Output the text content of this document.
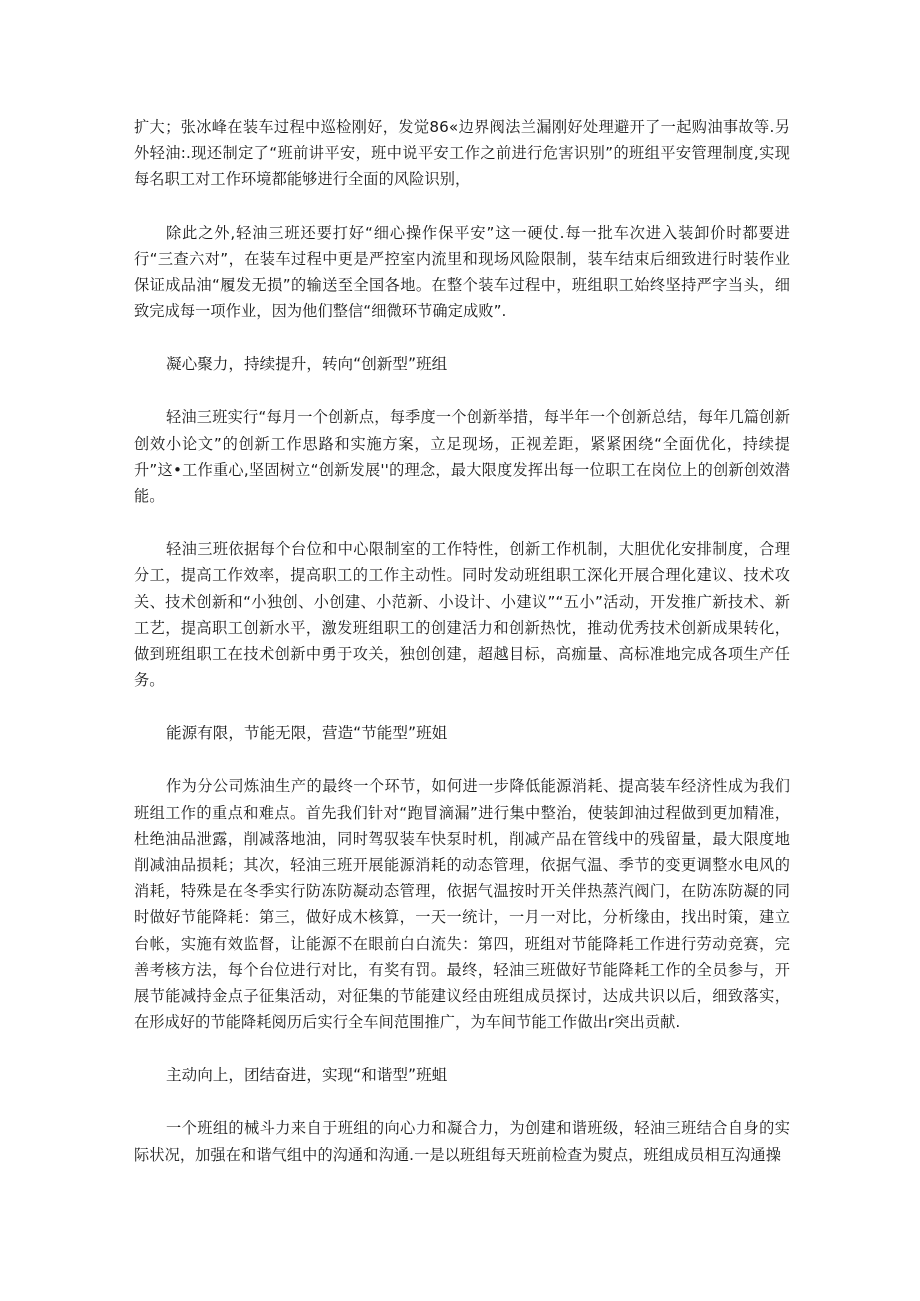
扩大；张冰峰在装车过程中巡检刚好，发觉86«边界阀法兰漏刚好处理避开了一起购油事故等.另外轻油:.现还制定了“班前讲平安，班中说平安工作之前进行危害识别”的班组平安管理制度,实现每名职工对工作环境都能够进行全面的风险识别，

除此之外,轻油三班还要打好“细心操作保平安”这一硬仗.每一批车次进入装卸价时都要进行“三查六对”，在装车过程中更是严控室内流里和现场风险限制，装车结束后细致进行时装作业保证成品油“履发无损”的输送至全国各地。在整个装车过程中，班组职工始终坚持严字当头，细致完成每一项作业，因为他们整信“细微环节确定成败”.

凝心聚力，持续提升，转向“创新型”班组

轻油三班实行“每月一个创新点，每季度一个创新举措，每半年一个创新总结，每年几篇创新创效小论文”的创新工作思路和实施方案，立足现场，正视差距，紧紧困绕“全面优化，持续提升”这•工作重心,坚固树立“创新发展''的理念，最大限度发挥出每一位职工在岗位上的创新创效潜能。

轻油三班依据每个台位和中心限制室的工作特性，创新工作机制，大胆优化安排制度，合理分工，提高工作效率，提高职工的工作主动性。同时发动班组职工深化开展合理化建议、技术攻关、技术创新和“小独创、小创建、小范新、小设计、小建议”“五小”活动，开发推广新技术、新工艺，提高职工创新水平，激发班组职工的创建活力和创新热忱，推动优秀技术创新成果转化，做到班组职工在技术创新中勇于攻关，独创创建，超越目标，高痂量、高标准地完成各项生产任务。

能源有限，节能无限，营造“节能型”班姐

作为分公司炼油生产的最终一个环节，如何进一步降低能源消耗、提高装车经济性成为我们班组工作的重点和难点。首先我们针对“跑冒滴漏”进行集中整治，使装卸油过程做到更加精准，杜绝油品泄露，削减落地油，同时驾驭装车快泵时机，削减产品在管线中的残留量，最大限度地削减油品损耗；其次，轻油三班开展能源消耗的动态管理，依据气温、季节的变更调整水电风的消耗，特殊是在冬季实行防冻防凝动态管理，依据气温按时开关伴热蒸汽阀门，在防冻防凝的同时做好节能降耗：第三，做好成木核算，一天一统计，一月一对比，分析缘由，找出时策，建立台帐，实施有效监督，让能源不在眼前白白流失：第四，班组对节能降耗工作进行劳动竞赛，完善考核方法，每个台位进行对比，有奖有罚。最终，轻油三班做好节能降耗工作的全员参与，开展节能减持金点子征集活动，对征集的节能建议经由班组成员探讨，达成共识以后，细致落实，在形成好的节能降耗阅历后实行全车间范围推广，为车间节能工作做出r突出贡献.

主动向上，团结奋进，实现“和谐型”班蛆

一个班组的械斗力来自于班组的向心力和凝合力，为创建和谐班级，轻油三班结合自身的实际状况，加强在和谐气组中的沟通和沟通.一是以班组每天班前检查为熨点，班组成员相互沟通操
